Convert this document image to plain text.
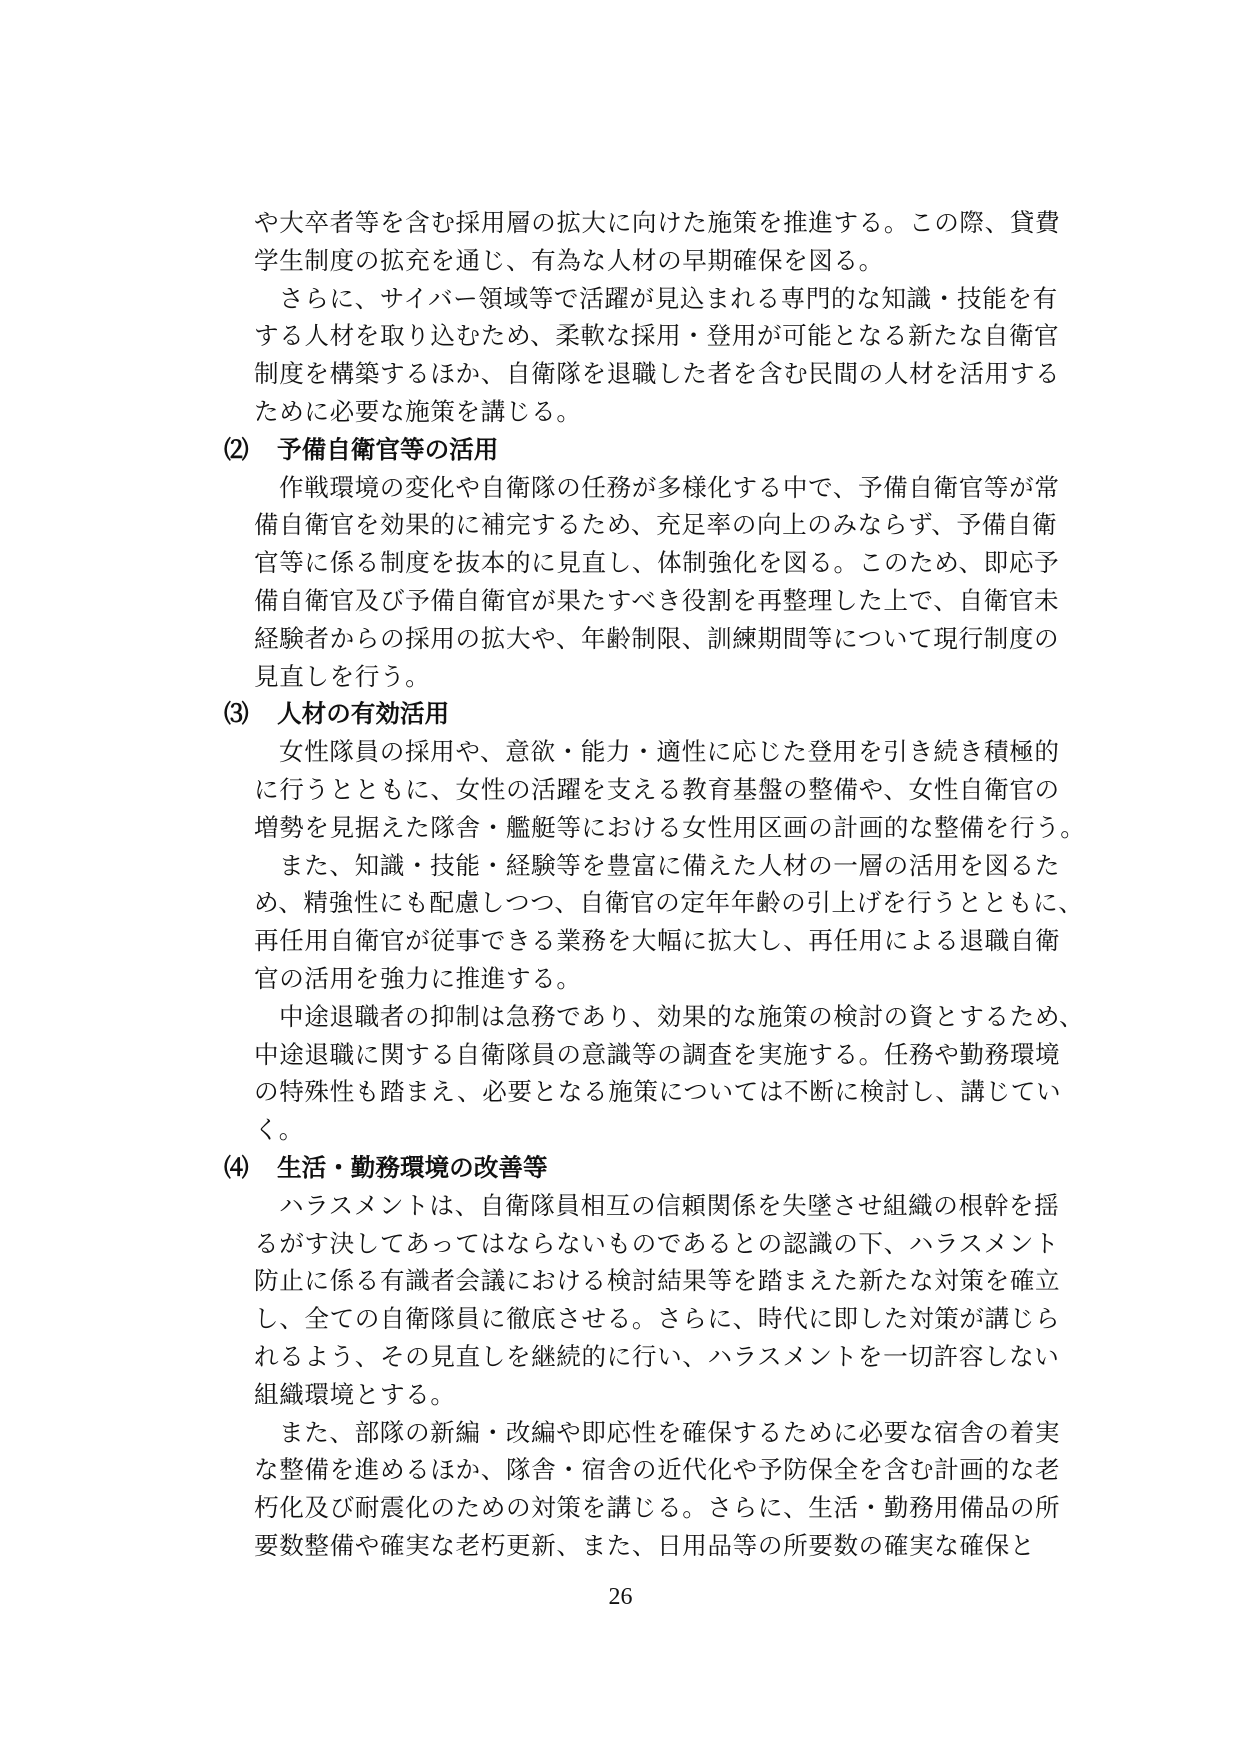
や大卒者等を含む採用層の拡大に向けた施策を推進する。この際、貸費
学生制度の拡充を通じ、有為な人材の早期確保を図る。
さらに、サイバー領域等で活躍が見込まれる専門的な知識・技能を有
する人材を取り込むため、柔軟な採用・登用が可能となる新たな自衛官
制度を構築するほか、自衛隊を退職した者を含む民間の人材を活用する
ために必要な施策を講じる。
⑵ 予備自衛官等の活用
作戦環境の変化や自衛隊の任務が多様化する中で、予備自衛官等が常
備自衛官を効果的に補完するため、充足率の向上のみならず、予備自衛
官等に係る制度を抜本的に見直し、体制強化を図る。このため、即応予
備自衛官及び予備自衛官が果たすべき役割を再整理した上で、自衛官未
経験者からの採用の拡大や、年齢制限、訓練期間等について現行制度の
見直しを行う。
⑶ 人材の有効活用
女性隊員の採用や、意欲・能力・適性に応じた登用を引き続き積極的
に行うとともに、女性の活躍を支える教育基盤の整備や、女性自衛官の
増勢を見据えた隊舎・艦艇等における女性用区画の計画的な整備を行う。
また、知識・技能・経験等を豊富に備えた人材の一層の活用を図るた
め、精強性にも配慮しつつ、自衛官の定年年齢の引上げを行うとともに、
再任用自衛官が従事できる業務を大幅に拡大し、再任用による退職自衛
官の活用を強力に推進する。
中途退職者の抑制は急務であり、効果的な施策の検討の資とするため、
中途退職に関する自衛隊員の意識等の調査を実施する。任務や勤務環境
の特殊性も踏まえ、必要となる施策については不断に検討し、講じてい
く。
⑷ 生活・勤務環境の改善等
ハラスメントは、自衛隊員相互の信頼関係を失墜させ組織の根幹を揺
るがす決してあってはならないものであるとの認識の下、ハラスメント
防止に係る有識者会議における検討結果等を踏まえた新たな対策を確立
し、全ての自衛隊員に徹底させる。さらに、時代に即した対策が講じら
れるよう、その見直しを継続的に行い、ハラスメントを一切許容しない
組織環境とする。
また、部隊の新編・改編や即応性を確保するために必要な宿舎の着実
な整備を進めるほか、隊舎・宿舎の近代化や予防保全を含む計画的な老
朽化及び耐震化のための対策を講じる。さらに、生活・勤務用備品の所
要数整備や確実な老朽更新、また、日用品等の所要数の確実な確保と
26
